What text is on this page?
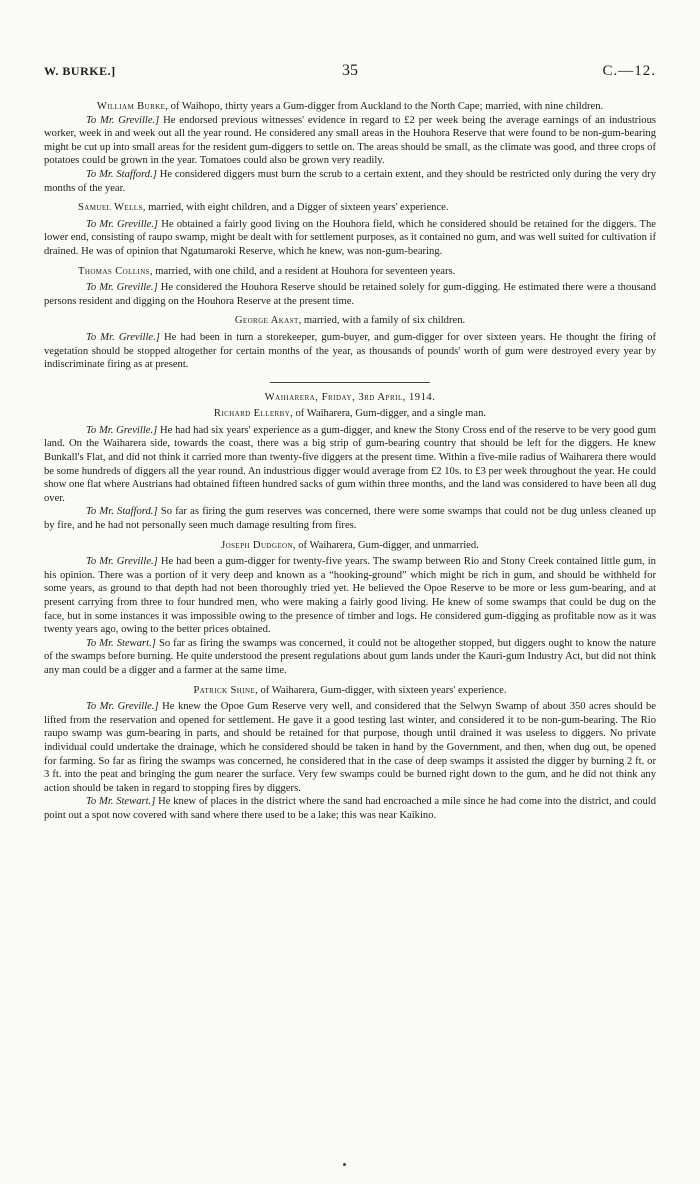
W. BURKE.]	35	C.—12.
William Burke, of Waihopo, thirty years a Gum-digger from Auckland to the North Cape; married, with nine children.

To Mr. Greville.] He endorsed previous witnesses' evidence in regard to £2 per week being the average earnings of an industrious worker, week in and week out all the year round. He considered any small areas in the Houhora Reserve that were found to be non-gum-bearing might be cut up into small areas for the resident gum-diggers to settle on. The areas should be small, as the climate was good, and three crops of potatoes could be grown in the year. Tomatoes could also be grown very readily.

To Mr. Stafford.] He considered diggers must burn the scrub to a certain extent, and they should be restricted only during the very dry months of the year.

Samuel Wells, married, with eight children, and a Digger of sixteen years' experience.

To Mr. Greville.] He obtained a fairly good living on the Houhora field, which he considered should be retained for the diggers. The lower end, consisting of raupo swamp, might be dealt with for settlement purposes, as it contained no gum, and was well suited for cultivation if drained. He was of opinion that Ngatumaroki Reserve, which he knew, was non-gum-bearing.

Thomas Collins, married, with one child, and a resident at Houhora for seventeen years.

To Mr. Greville.] He considered the Houhora Reserve should be retained solely for gum-digging. He estimated there were a thousand persons resident and digging on the Houhora Reserve at the present time.

George Akast, married, with a family of six children.

To Mr. Greville.] He had been in turn a storekeeper, gum-buyer, and gum-digger for over sixteen years. He thought the firing of vegetation should be stopped altogether for certain months of the year, as thousands of pounds' worth of gum were destroyed every year by indiscriminate firing as at present.

Waiharera, Friday, 3rd April, 1914.
Richard Ellerby, of Waiharera, Gum-digger, and a single man.

To Mr. Greville.] He had had six years' experience as a gum-digger, and knew the Stony Cross end of the reserve to be very good gum land. On the Waiharera side, towards the coast, there was a big strip of gum-bearing country that should be left for the diggers. He knew Bunkall's Flat, and did not think it carried more than twenty-five diggers at the present time. Within a five-mile radius of Waiharera there would be some hundreds of diggers all the year round. An industrious digger would average from £2 10s. to £3 per week throughout the year. He could show one flat where Austrians had obtained fifteen hundred sacks of gum within three months, and the land was considered to have been all dug over.

To Mr. Stafford.] So far as firing the gum reserves was concerned, there were some swamps that could not be dug unless cleaned up by fire, and he had not personally seen much damage resulting from fires.

Joseph Dudgeon, of Waiharera, Gum-digger, and unmarried.

To Mr. Greville.] He had been a gum-digger for twenty-five years. The swamp between Rio and Stony Creek contained little gum, in his opinion. There was a portion of it very deep and known as a “hooking-ground” which might be rich in gum, and should be withheld for some years, as ground to that depth had not been thoroughly tried yet. He believed the Opoe Reserve to be more or less gum-bearing, and at present carrying from three to four hundred men, who were making a fairly good living. He knew of some swamps that could be dug on the face, but in some instances it was impossible owing to the presence of timber and logs. He considered gum-digging as profitable now as it was twenty years ago, owing to the better prices obtained.

To Mr. Stewart.] So far as firing the swamps was concerned, it could not be altogether stopped, but diggers ought to know the nature of the swamps before burning. He quite understood the present regulations about gum lands under the Kauri-gum Industry Act, but did not think any man could be a digger and a farmer at the same time.

Patrick Shine, of Waiharera, Gum-digger, with sixteen years' experience.

To Mr. Greville.] He knew the Opoe Gum Reserve very well, and considered that the Selwyn Swamp of about 350 acres should be lifted from the reservation and opened for settlement. He gave it a good testing last winter, and considered it to be non-gum-bearing. The Rio raupo swamp was gum-bearing in parts, and should be retained for that purpose, though until drained it was useless to diggers. No private individual could undertake the drainage, which he considered should be taken in hand by the Government, and then, when dug out, be opened for farming. So far as firing the swamps was concerned, he considered that in the case of deep swamps it assisted the digger by burning 2 ft. or 3 ft. into the peat and bringing the gum nearer the surface. Very few swamps could be burned right down to the gum, and he did not think any action should be taken in regard to stopping fires by diggers.

To Mr. Stewart.] He knew of places in the district where the sand had encroached a mile since he had come into the district, and could point out a spot now covered with sand where there used to be a lake; this was near Kaikino.
